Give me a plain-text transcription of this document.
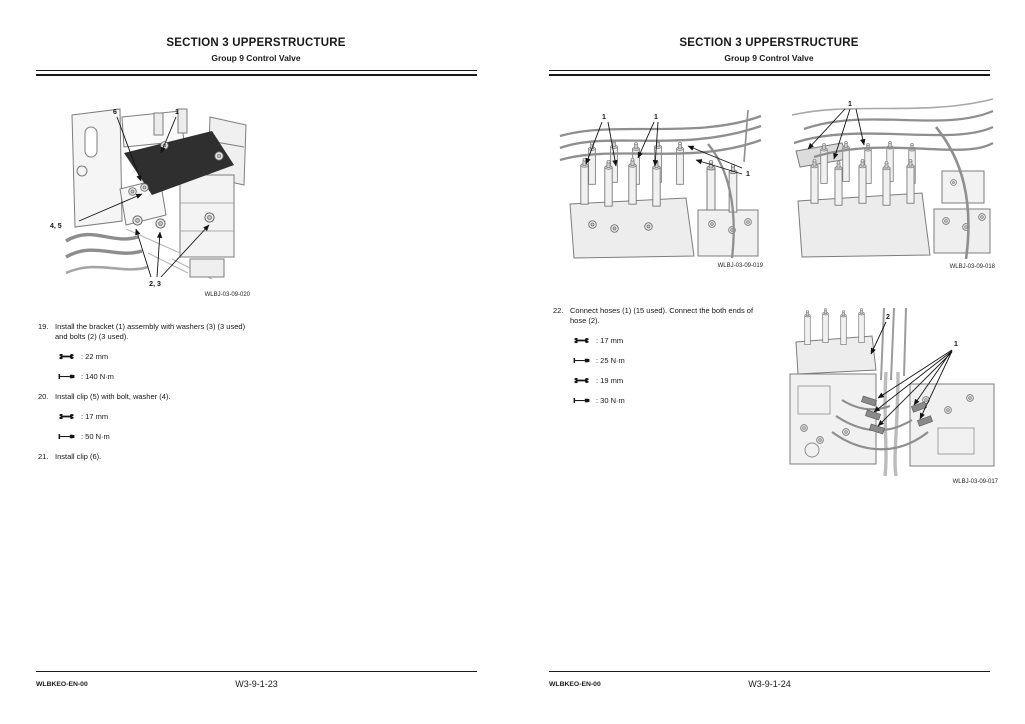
SECTION 3 UPPERSTRUCTURE
Group 9 Control Valve
6	1
4, 5
2, 3
WLBJ-03-09-020
19. Install the bracket (1) assembly with washers (3) (3 used) and bolts (2) (3 used).
: 22 mm
: 140 N·m
20. Install clip (5) with bolt, washer (4).
: 17 mm
: 50 N·m
21. Install clip (6).
WLBKEO-EN-00	W3-9-1-23
SECTION 3 UPPERSTRUCTURE
Group 9 Control Valve
1	1
1
WLBJ-03-09-019
1
WLBJ-03-09-018
22. Connect hoses (1) (15 used). Connect the both ends of hose (2).
: 17 mm
: 25 N·m
: 19 mm
: 30 N·m
2
1
WLBJ-03-09-017
WLBKEO-EN-00	W3-9-1-24
